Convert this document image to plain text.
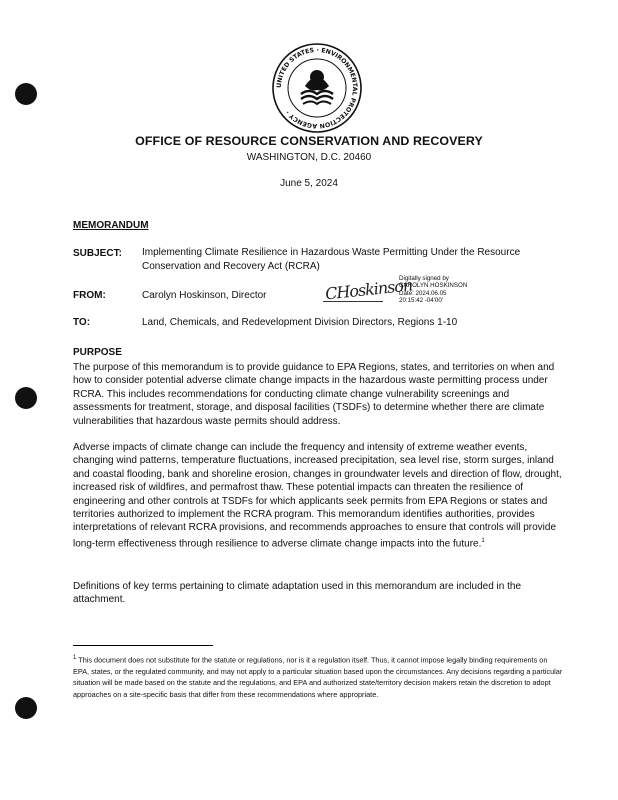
UNITED STATES · ENVIRONMENTAL PROTECTION AGENCY ·
OFFICE OF RESOURCE CONSERVATION AND RECOVERY
WASHINGTON, D.C. 20460
June 5, 2024
MEMORANDUM
SUBJECT: Implementing Climate Resilience in Hazardous Waste Permitting Under the Resource Conservation and Recovery Act (RCRA)
FROM:	Carolyn Hoskinson, Director	CHoskinson
Digitally signed by
CAROLYN HOSKINSON
Date: 2024.06.05
20:15:42 -04'00'
TO:	Land, Chemicals, and Redevelopment Division Directors, Regions 1-10
PURPOSE
The purpose of this memorandum is to provide guidance to EPA Regions, states, and territories on when and how to consider potential adverse climate change impacts in the hazardous waste permitting process under RCRA. This includes recommendations for conducting climate change vulnerability screenings and assessments for treatment, storage, and disposal facilities (TSDFs) to determine whether there are climate vulnerabilities that hazardous waste permits should address.
Adverse impacts of climate change can include the frequency and intensity of extreme weather events, changing wind patterns, temperature fluctuations, increased precipitation, sea level rise, storm surges, inland and coastal flooding, bank and shoreline erosion, changes in groundwater levels and direction of flow, drought, increased risk of wildfires, and permafrost thaw. These potential impacts can threaten the resilience of engineering and other controls at TSDFs for which applicants seek permits from EPA Regions or states and territories authorized to implement the RCRA program. This memorandum identifies authorities, provides interpretations of relevant RCRA provisions, and recommends approaches to ensure that controls will provide long-term effectiveness through resilience to adverse climate change impacts into the future.$^1$
Definitions of key terms pertaining to climate adaptation used in this memorandum are included in the attachment.
$^1$ This document does not substitute for the statute or regulations, nor is it a regulation itself. Thus, it cannot impose legally binding requirements on EPA, states, or the regulated community, and may not apply to a particular situation based upon the circumstances. Any decisions regarding a particular situation will be made based on the statute and the regulations, and EPA and authorized state/territory decision makers retain the discretion to adopt approaches on a site-specific basis that differ from these recommendations where appropriate.
